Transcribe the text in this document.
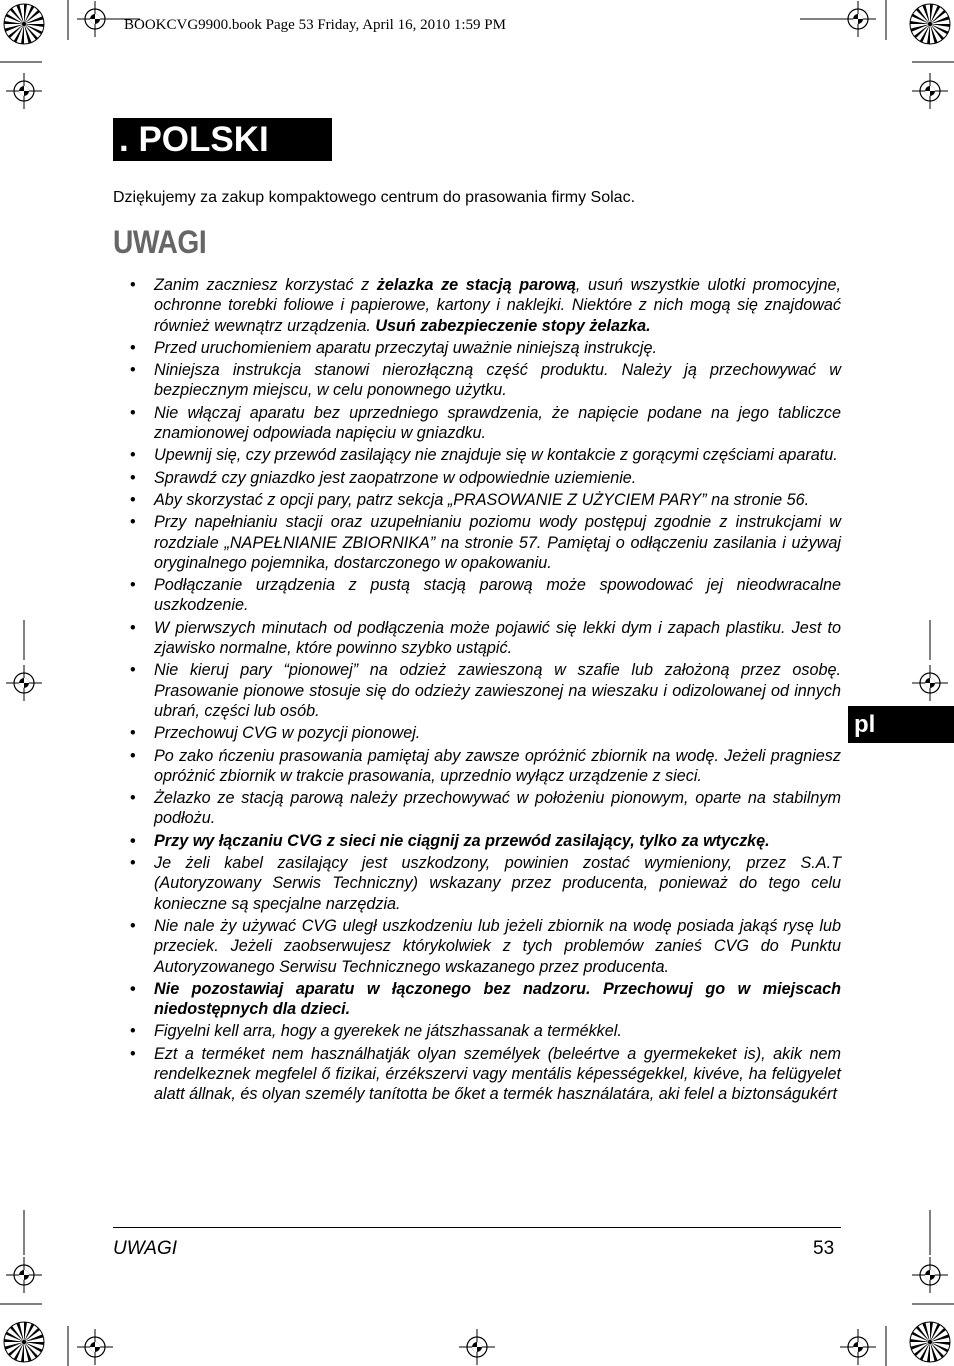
BOOKCVG9900.book Page 53 Friday, April 16, 2010 1:59 PM
. POLSKI
Dziękujemy za zakup kompaktowego centrum do prasowania firmy Solac.
UWAGI
• Zanim zaczniesz korzystać z żelazka ze stacją parową, usuń wszystkie ulotki promocyjne, ochronne torebki foliowe i papierowe, kartony i naklejki. Niektóre z nich mogą się znajdować również wewnątrz urządzenia. Usuń zabezpieczenie stopy żelazka.
• Przed uruchomieniem aparatu przeczytaj uważnie niniejszą instrukcję.
• Niniejsza instrukcja stanowi nierozłączną część produktu. Należy ją przechowywać w bezpiecznym miejscu, w celu ponownego użytku.
• Nie włączaj aparatu bez uprzedniego sprawdzenia, że napięcie podane na jego tabliczce znamionowej odpowiada napięciu w gniazdku.
• Upewnij się, czy przewód zasilający nie znajduje się w kontakcie z gorącymi częściami aparatu.
• Sprawdź czy gniazdko jest zaopatrzone w odpowiednie uziemienie.
• Aby skorzystać z opcji pary, patrz sekcja „PRASOWANIE Z UŻYCIEM PARY” na stronie 56.
• Przy napełnianiu stacji oraz uzupełnianiu poziomu wody postępuj zgodnie z instrukcjami w rozdziale „NAPEŁNIANIE ZBIORNIKA” na stronie 57. Pamiętaj o odłączeniu zasilania i używaj oryginalnego pojemnika, dostarczonego w opakowaniu.
• Podłączanie urządzenia z pustą stacją parową może spowodować jej nieodwracalne uszkodzenie.
• W pierwszych minutach od podłączenia może pojawić się lekki dym i zapach plastiku. Jest to zjawisko normalne, które powinno szybko ustąpić.
• Nie kieruj pary “pionowej” na odzież zawieszoną w szafie lub założoną przez osobę. Prasowanie pionowe stosuje się do odzieży zawieszonej na wieszaku i odizolowanej od innych ubrań, części lub osób.
• Przechowuj CVG w pozycji pionowej.
• Po zako ńczeniu prasowania pamiętaj aby zawsze opróżnić zbiornik na wodę. Jeżeli pragniesz opróżnić zbiornik w trakcie prasowania, uprzednio wyłącz urządzenie z sieci.
• Żelazko ze stacją parową należy przechowywać w położeniu pionowym, oparte na stabilnym podłożu.
• Przy wy łączaniu CVG z sieci nie ciągnij za przewód zasilający, tylko za wtyczkę.
• Je żeli kabel zasilający jest uszkodzony, powinien zostać wymieniony, przez S.A.T (Autoryzowany Serwis Techniczny) wskazany przez producenta, ponieważ do tego celu konieczne są specjalne narzędzia.
• Nie nale ży używać CVG uległ uszkodzeniu lub jeżeli zbiornik na wodę posiada jakąś rysę lub przeciek. Jeżeli zaobserwujesz którykolwiek z tych problemów zanieś CVG do Punktu Autoryzowanego Serwisu Technicznego wskazanego przez producenta.
• Nie pozostawiaj aparatu w łączonego bez nadzoru. Przechowuj go w miejscach niedostępnych dla dzieci.
• Figyelni kell arra, hogy a gyerekek ne játszhassanak a termékkel.
• Ezt a terméket nem használhatják olyan személyek (beleértve a gyermekeket is), akik nem rendelkeznek megfelel ő fizikai, érzékszervi vagy mentális képességekkel, kivéve, ha felügyelet alatt állnak, és olyan személy tanította be őket a termék használatára, aki felel a biztonságukért
pl
UWAGI	53
